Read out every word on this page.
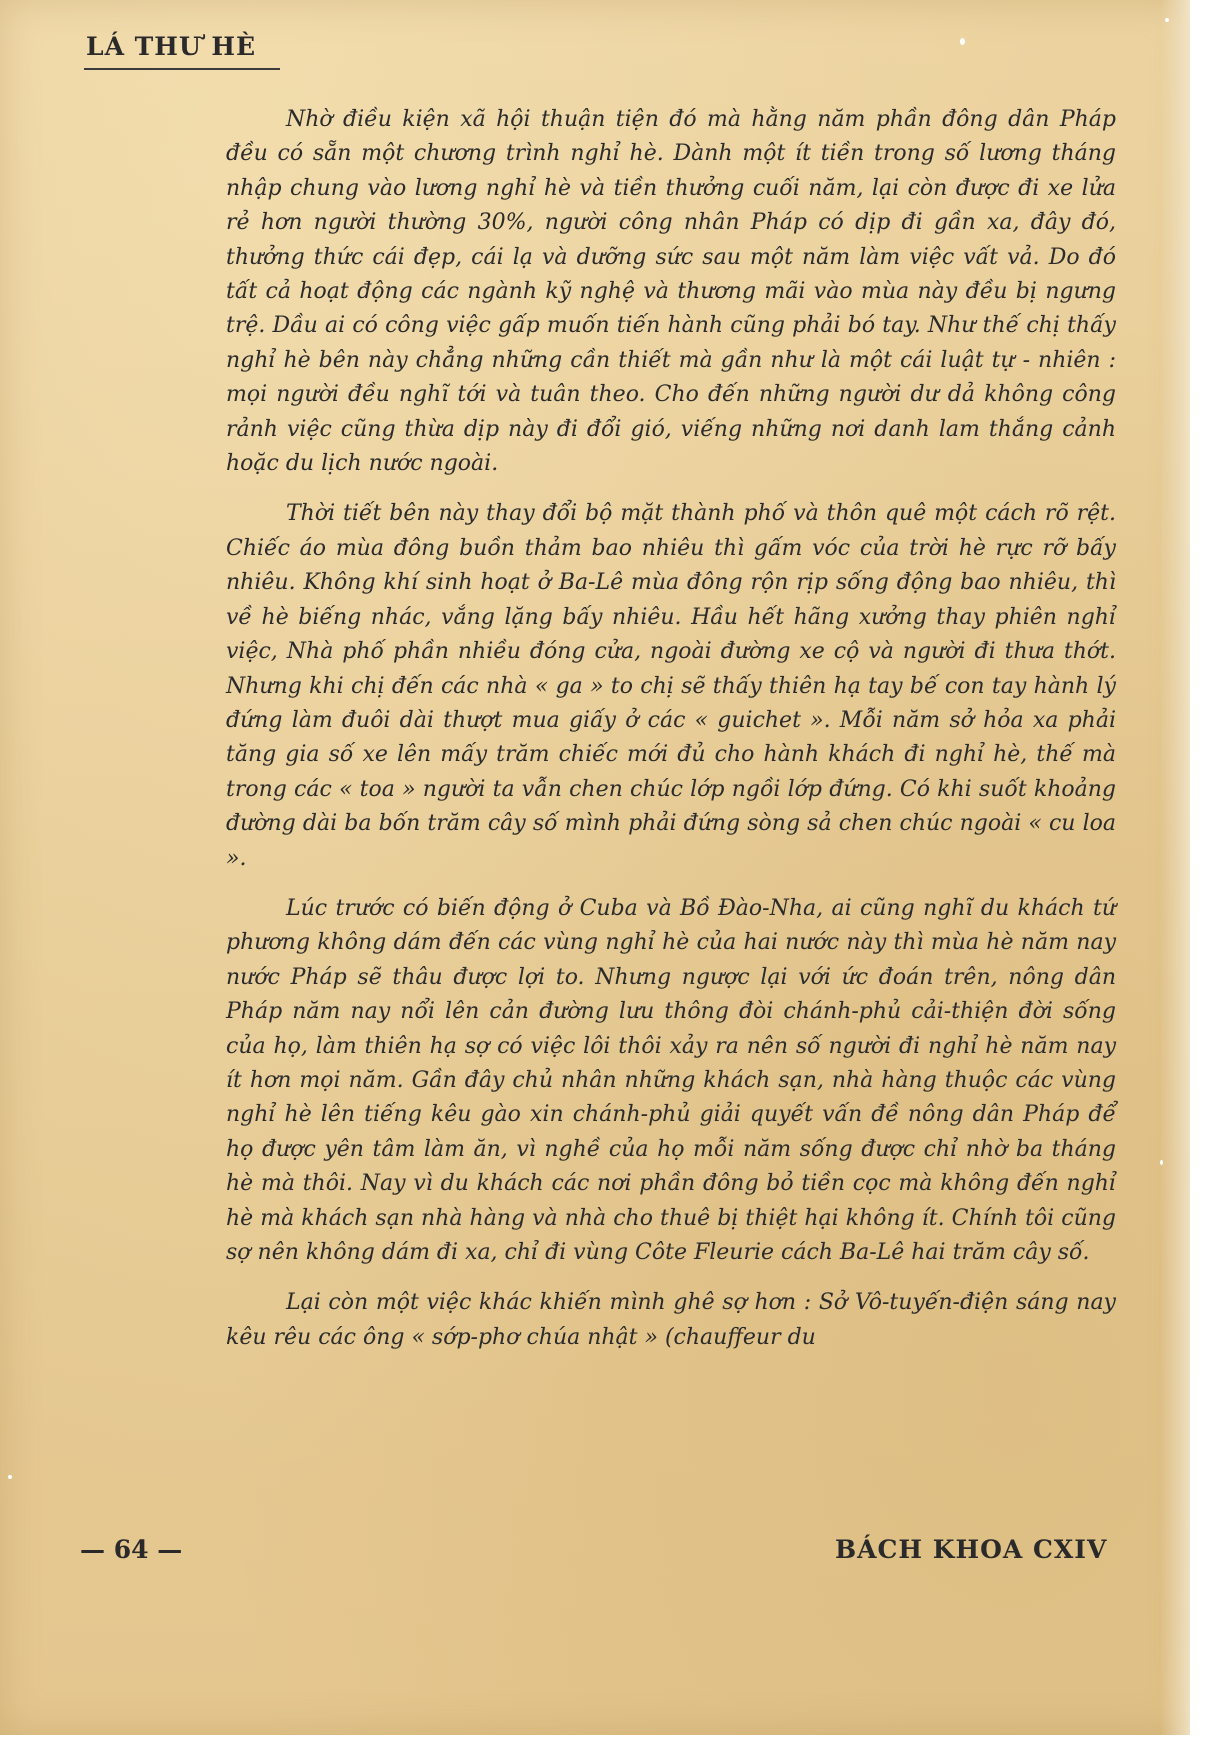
LÁ THƯ HÈ

Nhờ điều kiện xã hội thuận tiện đó mà hằng năm phần đông dân Pháp đều có sẵn một chương trình nghỉ hè. Dành một ít tiền trong số lương tháng nhập chung vào lương nghỉ hè và tiền thưởng cuối năm, lại còn được đi xe lửa rẻ hơn người thường 30%, người công nhân Pháp có dịp đi gần xa, đây đó, thưởng thức cái đẹp, cái lạ và dưỡng sức sau một năm làm việc vất vả. Do đó tất cả hoạt động các ngành kỹ nghệ và thương mãi vào mùa này đều bị ngưng trệ. Dầu ai có công việc gấp muốn tiến hành cũng phải bó tay. Như thế chị thấy nghỉ hè bên này chẳng những cần thiết mà gần như là một cái luật tự - nhiên : mọi người đều nghĩ tới và tuân theo. Cho đến những người dư dả không công rảnh việc cũng thừa dịp này đi đổi gió, viếng những nơi danh lam thắng cảnh hoặc du lịch nước ngoài.

Thời tiết bên này thay đổi bộ mặt thành phố và thôn quê một cách rõ rệt. Chiếc áo mùa đông buồn thảm bao nhiêu thì gấm vóc của trời hè rực rỡ bấy nhiêu. Không khí sinh hoạt ở Ba-Lê mùa đông rộn rịp sống động bao nhiêu, thì về hè biếng nhác, vắng lặng bấy nhiêu. Hầu hết hãng xưởng thay phiên nghỉ việc, Nhà phố phần nhiều đóng cửa, ngoài đường xe cộ và người đi thưa thớt. Nhưng khi chị đến các nhà « ga » to chị sẽ thấy thiên hạ tay bế con tay hành lý đứng làm đuôi dài thượt mua giấy ở các « guichet ». Mỗi năm sở hỏa xa phải tăng gia số xe lên mấy trăm chiếc mới đủ cho hành khách đi nghỉ hè, thế mà trong các « toa » người ta vẫn chen chúc lớp ngồi lớp đứng. Có khi suốt khoảng đường dài ba bốn trăm cây số mình phải đứng sòng sả chen chúc ngoài « cu loa ».

Lúc trước có biến động ở Cuba và Bồ Đào-Nha, ai cũng nghĩ du khách tứ phương không dám đến các vùng nghỉ hè của hai nước này thì mùa hè năm nay nước Pháp sẽ thâu được lợi to. Nhưng ngược lại với ức đoán trên, nông dân Pháp năm nay nổi lên cản đường lưu thông đòi chánh-phủ cải-thiện đời sống của họ, làm thiên hạ sợ có việc lôi thôi xảy ra nên số người đi nghỉ hè năm nay ít hơn mọi năm. Gần đây chủ nhân những khách sạn, nhà hàng thuộc các vùng nghỉ hè lên tiếng kêu gào xin chánh-phủ giải quyết vấn đề nông dân Pháp để họ được yên tâm làm ăn, vì nghề của họ mỗi năm sống được chỉ nhờ ba tháng hè mà thôi. Nay vì du khách các nơi phần đông bỏ tiền cọc mà không đến nghỉ hè mà khách sạn nhà hàng và nhà cho thuê bị thiệt hại không ít. Chính tôi cũng sợ nên không dám đi xa, chỉ đi vùng Côte Fleurie cách Ba-Lê hai trăm cây số.

Lại còn một việc khác khiến mình ghê sợ hơn : Sở Vô-tuyến-điện sáng nay kêu rêu các ông « sớp-phơ chúa nhật » (chauffeur du

— 64 —	BÁCH KHOA CXIV
